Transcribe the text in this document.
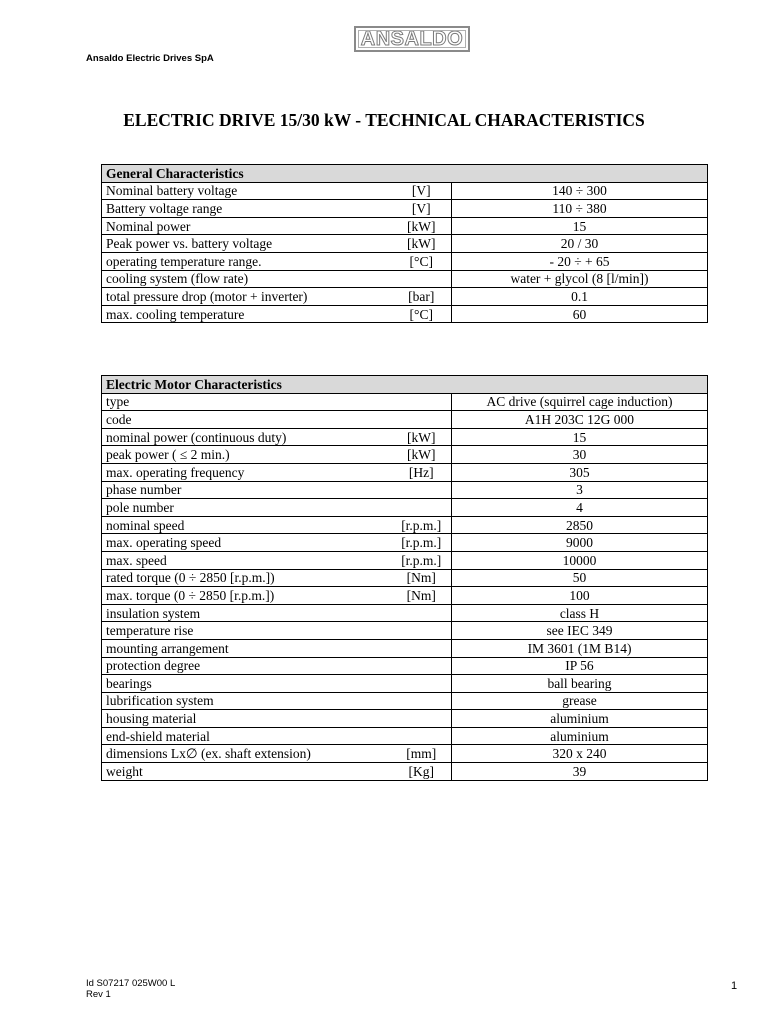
ANSALDO
Ansaldo Electric Drives SpA
ELECTRIC DRIVE 15/30 kW - TECHNICAL CHARACTERISTICS
General Characteristics		
Nominal battery voltage	[V]	140 ÷ 300
Battery voltage range	[V]	110 ÷ 380
Nominal power	[kW]	15
Peak power vs. battery voltage	[kW]	20 / 30
operating temperature range.	[°C]	- 20 ÷ + 65
cooling system (flow rate)		water + glycol (8 [l/min])
total pressure drop (motor + inverter)	[bar]	0.1
max. cooling temperature	[°C]	60
Electric Motor Characteristics		
type		AC drive (squirrel cage induction)
code		A1H 203C 12G 000
nominal power (continuous duty)	[kW]	15
peak power ( ≤ 2 min.)	[kW]	30
max. operating frequency	[Hz]	305
phase number		3
pole number		4
nominal speed	[r.p.m.]	2850
max. operating speed	[r.p.m.]	9000
max. speed	[r.p.m.]	10000
rated torque (0 ÷ 2850 [r.p.m.])	[Nm]	50
max. torque (0 ÷ 2850 [r.p.m.])	[Nm]	100
insulation system		class H
temperature rise		see IEC 349
mounting arrangement		IM 3601 (1M B14)
protection degree		IP 56
bearings		ball bearing
lubrification system		grease
housing material		aluminium
end-shield material		aluminium
dimensions Lx∅ (ex. shaft extension)	[mm]	320 x 240
weight	[Kg]	39
Id S07217 025W00 L
Rev 1
1
